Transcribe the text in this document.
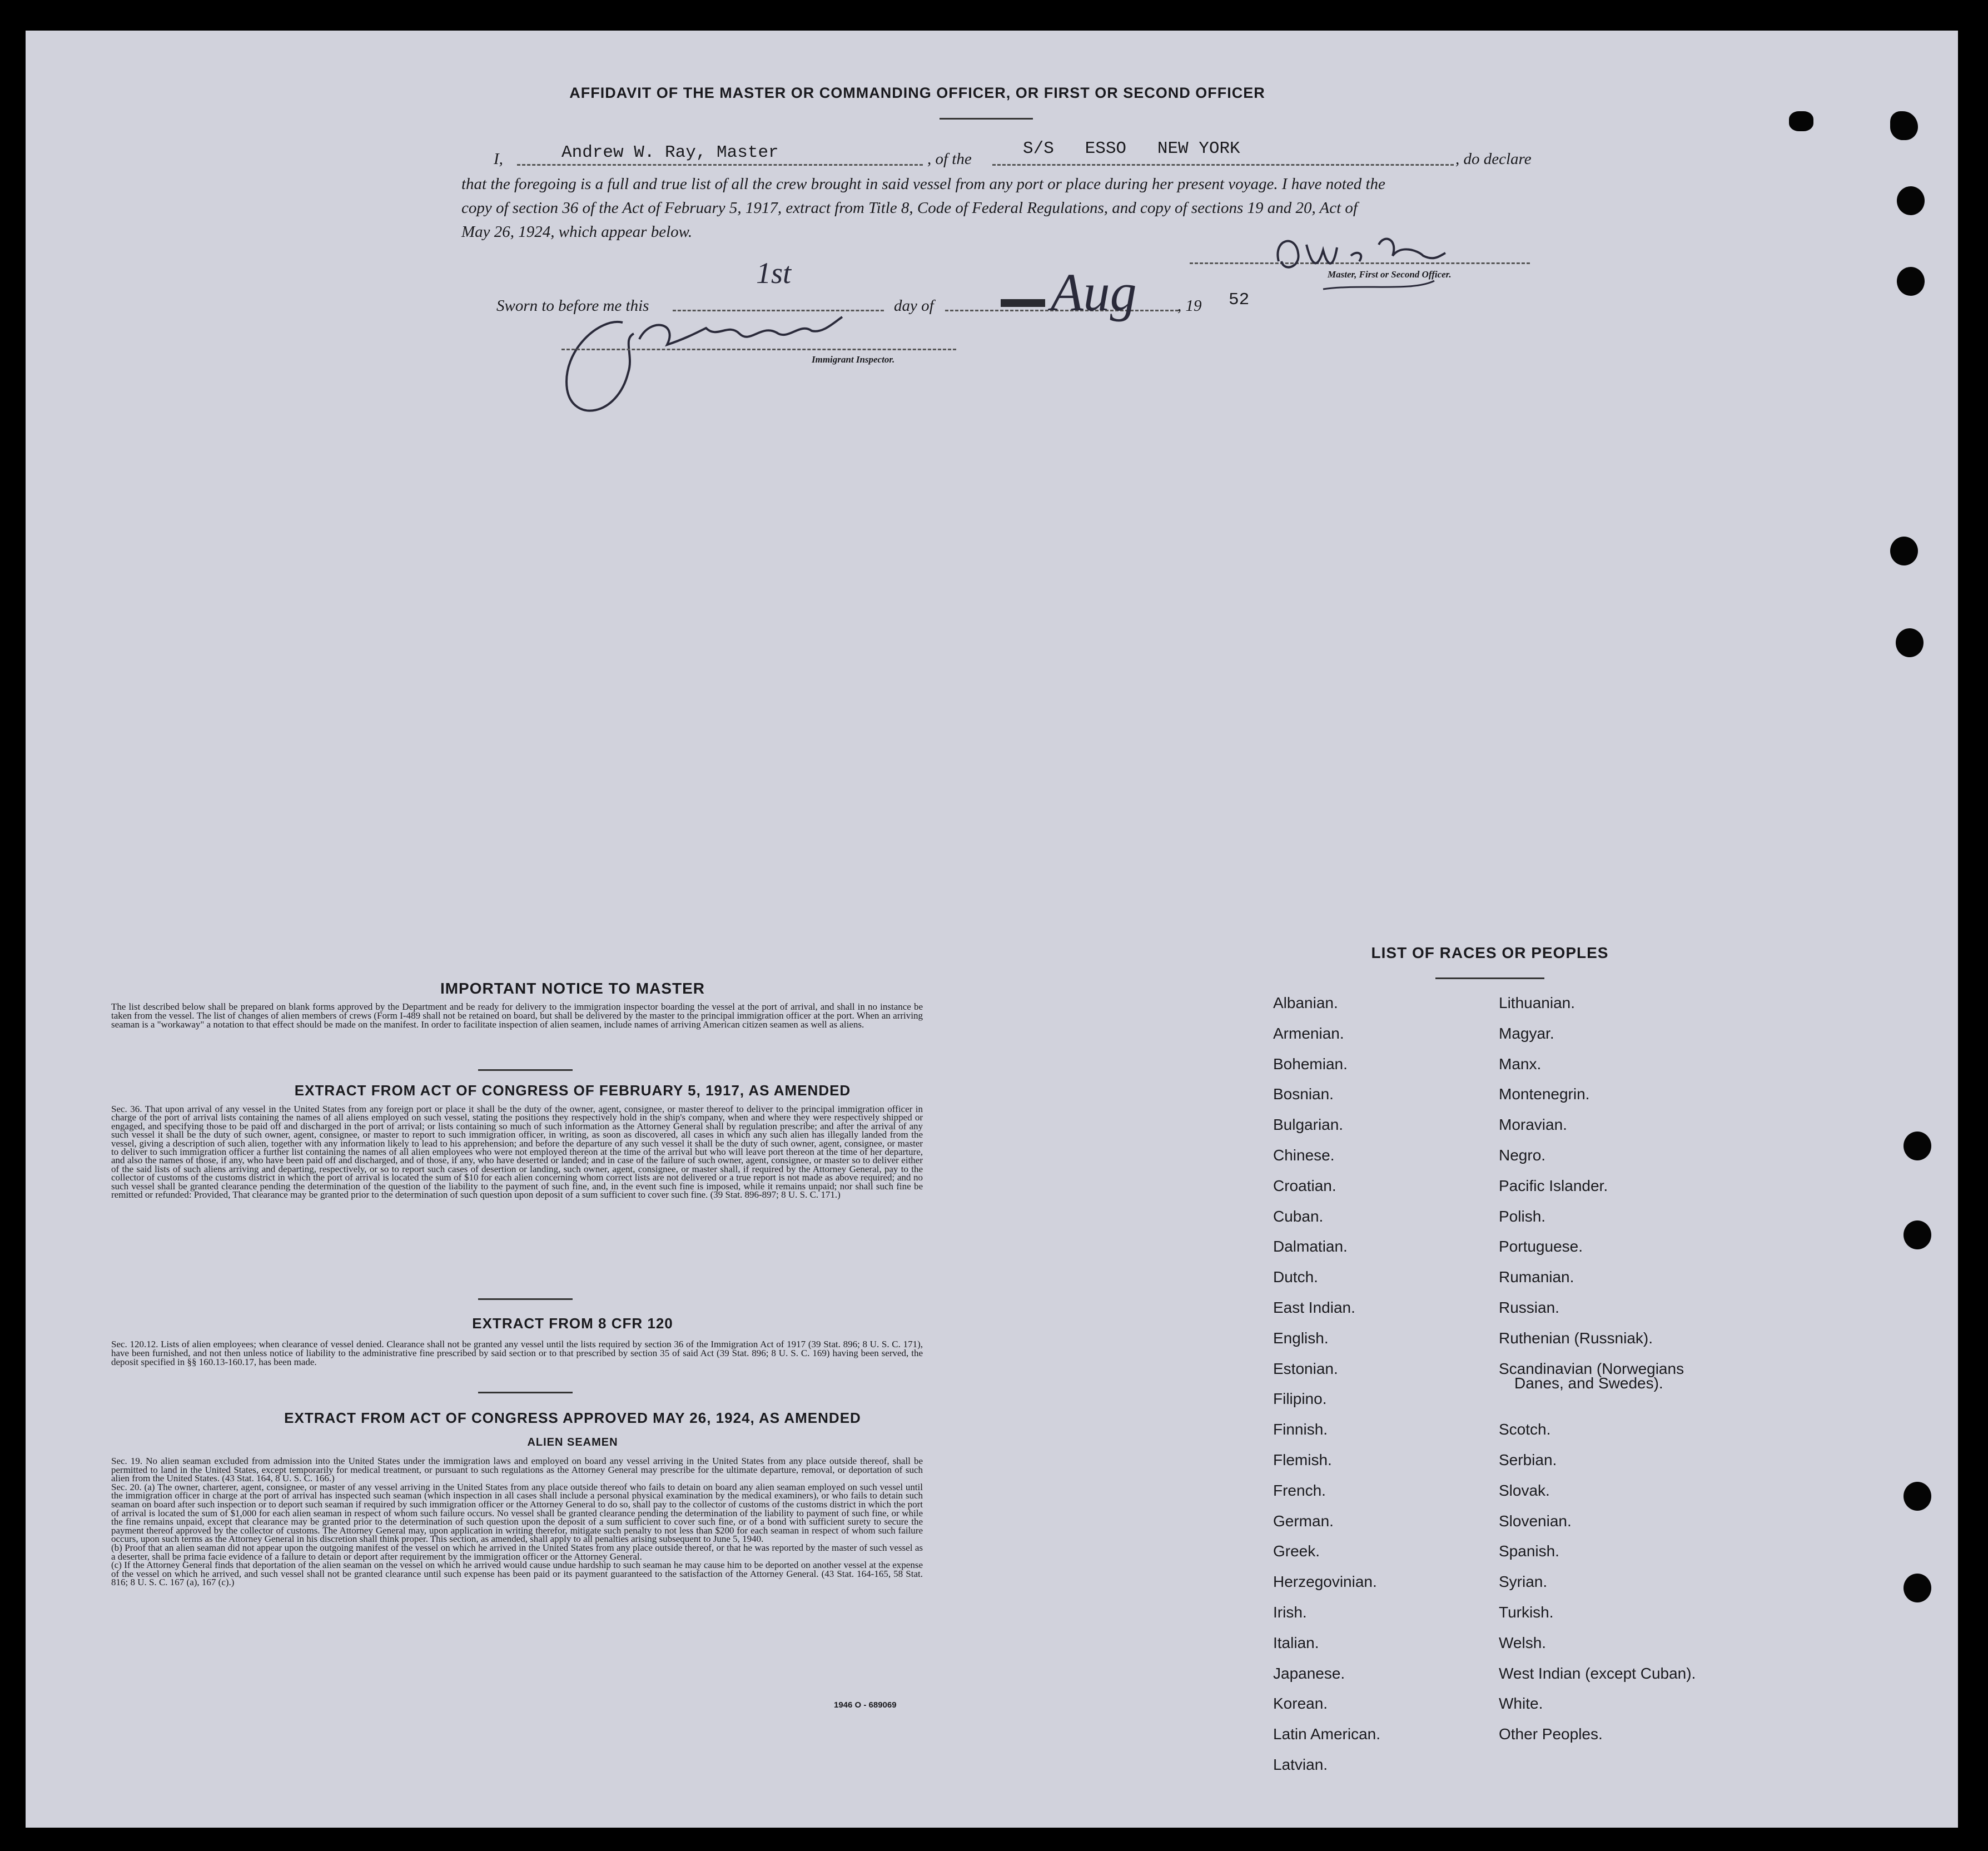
AFFIDAVIT OF THE MASTER OR COMMANDING OFFICER, OR FIRST OR SECOND OFFICER
I,	Andrew W. Ray, Master	, of the
S/S   ESSO   NEW YORK
, do declare
that the foregoing is a full and true list of all the crew brought in said vessel from any port or place during her present voyage. I have noted the
copy of section 36 of the Act of February 5, 1917, extract from Title 8, Code of Federal Regulations, and copy of sections 19 and 20, Act of
May 26, 1924, which appear below.
Master, First or Second Officer.
Sworn to before me this
1st
day of Aug	, 19 52
Immigrant Inspector.
IMPORTANT NOTICE TO MASTER
The list described below shall be prepared on blank forms approved by the Department and be ready for delivery to the immigration inspector boarding the vessel at the port of arrival, and shall in no instance be taken from the vessel. The list of changes of alien members of crews (Form I-489 shall not be retained on board, but shall be delivered by the master to the principal immigration officer at the port. When an arriving seaman is a "workaway" a notation to that effect should be made on the manifest. In order to facilitate inspection of alien seamen, include names of arriving American citizen seamen as well as aliens.
EXTRACT FROM ACT OF CONGRESS OF FEBRUARY 5, 1917, AS AMENDED
Sec. 36. That upon arrival of any vessel in the United States from any foreign port or place it shall be the duty of the owner, agent, consignee, or master thereof to deliver to the principal immigration officer in charge of the port of arrival lists containing the names of all aliens employed on such vessel, stating the positions they respectively hold in the ship's company, when and where they were respectively shipped or engaged, and specifying those to be paid off and discharged in the port of arrival; or lists containing so much of such information as the Attorney General shall by regulation prescribe; and after the arrival of any such vessel it shall be the duty of such owner, agent, consignee, or master to report to such immigration officer, in writing, as soon as discovered, all cases in which any such alien has illegally landed from the vessel, giving a description of such alien, together with any information likely to lead to his apprehension; and before the departure of any such vessel it shall be the duty of such owner, agent, consignee, or master to deliver to such immigration officer a further list containing the names of all alien employees who were not employed thereon at the time of the arrival but who will leave port thereon at the time of her departure, and also the names of those, if any, who have been paid off and discharged, and of those, if any, who have deserted or landed; and in case of the failure of such owner, agent, consignee, or master so to deliver either of the said lists of such aliens arriving and departing, respectively, or so to report such cases of desertion or landing, such owner, agent, consignee, or master shall, if required by the Attorney General, pay to the collector of customs of the customs district in which the port of arrival is located the sum of $10 for each alien concerning whom correct lists are not delivered or a true report is not made as above required; and no such vessel shall be granted clearance pending the determination of the question of the liability to the payment of such fine, and, in the event such fine is imposed, while it remains unpaid; nor shall such fine be remitted or refunded: Provided, That clearance may be granted prior to the determination of such question upon deposit of a sum sufficient to cover such fine. (39 Stat. 896-897; 8 U. S. C. 171.)
EXTRACT FROM 8 CFR 120
Sec. 120.12. Lists of alien employees; when clearance of vessel denied. Clearance shall not be granted any vessel until the lists required by section 36 of the Immigration Act of 1917 (39 Stat. 896; 8 U. S. C. 171), have been furnished, and not then unless notice of liability to the administrative fine prescribed by said section or to that prescribed by section 35 of said Act (39 Stat. 896; 8 U. S. C. 169) having been served, the deposit specified in §§ 160.13-160.17, has been made.
EXTRACT FROM ACT OF CONGRESS APPROVED MAY 26, 1924, AS AMENDED
ALIEN SEAMEN
Sec. 19. No alien seaman excluded from admission into the United States under the immigration laws and employed on board any vessel arriving in the United States from any place outside thereof, shall be permitted to land in the United States, except temporarily for medical treatment, or pursuant to such regulations as the Attorney General may prescribe for the ultimate departure, removal, or deportation of such alien from the United States. (43 Stat. 164, 8 U. S. C. 166.)
Sec. 20. (a) The owner, charterer, agent, consignee, or master of any vessel arriving in the United States from any place outside thereof who fails to detain on board any alien seaman employed on such vessel until the immigration officer in charge at the port of arrival has inspected such seaman (which inspection in all cases shall include a personal physical examination by the medical examiners), or who fails to detain such seaman on board after such inspection or to deport such seaman if required by such immigration officer or the Attorney General to do so, shall pay to the collector of customs of the customs district in which the port of arrival is located the sum of $1,000 for each alien seaman in respect of whom such failure occurs. No vessel shall be granted clearance pending the determination of the liability to payment of such fine, or while the fine remains unpaid, except that clearance may be granted prior to the determination of such question upon the deposit of a sum sufficient to cover such fine, or of a bond with sufficient surety to secure the payment thereof approved by the collector of customs. The Attorney General may, upon application in writing therefor, mitigate such penalty to not less than $200 for each seaman in respect of whom such failure occurs, upon such terms as the Attorney General in his discretion shall think proper. This section, as amended, shall apply to all penalties arising subsequent to June 5, 1940.
(b) Proof that an alien seaman did not appear upon the outgoing manifest of the vessel on which he arrived in the United States from any place outside thereof, or that he was reported by the master of such vessel as a deserter, shall be prima facie evidence of a failure to detain or deport after requirement by the immigration officer or the Attorney General.
(c) If the Attorney General finds that deportation of the alien seaman on the vessel on which he arrived would cause undue hardship to such seaman he may cause him to be deported on another vessel at the expense of the vessel on which he arrived, and such vessel shall not be granted clearance until such expense has been paid or its payment guaranteed to the satisfaction of the Attorney General. (43 Stat. 164-165, 58 Stat. 816; 8 U. S. C. 167 (a), 167 (c).)
1946 O - 689069
LIST OF RACES OR PEOPLES
Albanian.
Armenian.
Bohemian.
Bosnian.
Bulgarian.
Chinese.
Croatian.
Cuban.
Dalmatian.
Dutch.
East Indian.
English.
Estonian.
Filipino.
Finnish.
Flemish.
French.
German.
Greek.
Herzegovinian.
Irish.
Italian.
Japanese.
Korean.
Latin American.
Latvian.
Lithuanian.
Magyar.
Manx.
Montenegrin.
Moravian.
Negro.
Pacific Islander.
Polish.
Portuguese.
Rumanian.
Russian.
Ruthenian (Russniak).
Scandinavian (Norwegians
Danes, and Swedes).
Scotch.
Serbian.
Slovak.
Slovenian.
Spanish.
Syrian.
Turkish.
Welsh.
West Indian (except Cuban).
White.
Other Peoples.
